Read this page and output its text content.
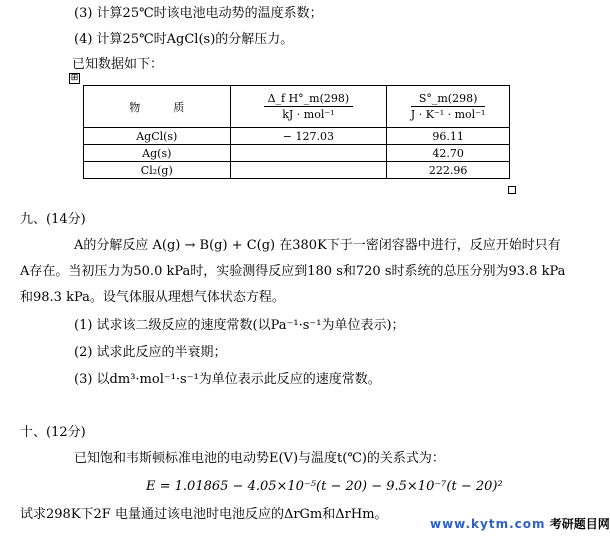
(3) 计算25℃时该电池电动势的温度系数；
(4) 计算25℃时AgCl(s)的分解压力。
已知数据如下：
⊞
物　　　质	$\frac{\text{Δ\_f H°\_m(298)}}{\text{kJ · mol⁻¹}}$	$\frac{S^\circ\_m(298)}{\text{J · K⁻¹ · mol⁻¹}}$

AgCl(s)	− 127.03	96.11
Ag(s)		42.70
Cl₂(g)		222.96
九、(14分)
A的分解反应 A(g) → B(g) + C(g) 在380K下于一密闭容器中进行，反应开始时只有
A存在。当初压力为50.0 kPa时，实验测得反应到180 s和720 s时系统的总压分别为93.8 kPa
和98.3 kPa。设气体服从理想气体状态方程。
(1) 试求该二级反应的速度常数(以Pa⁻¹·s⁻¹为单位表示)；
(2) 试求此反应的半衰期；
(3) 以dm³·mol⁻¹·s⁻¹为单位表示此反应的速度常数。
十、(12分)
已知饱和韦斯顿标准电池的电动势E(V)与温度t(℃)的关系式为：
E = 1.01865 − 4.05×10⁻⁵(t − 20) − 9.5×10⁻⁷(t − 20)²
试求298K下2F 电量通过该电池时电池反应的ΔrGm和ΔrHm。
www.kytm.com 考研题目网
